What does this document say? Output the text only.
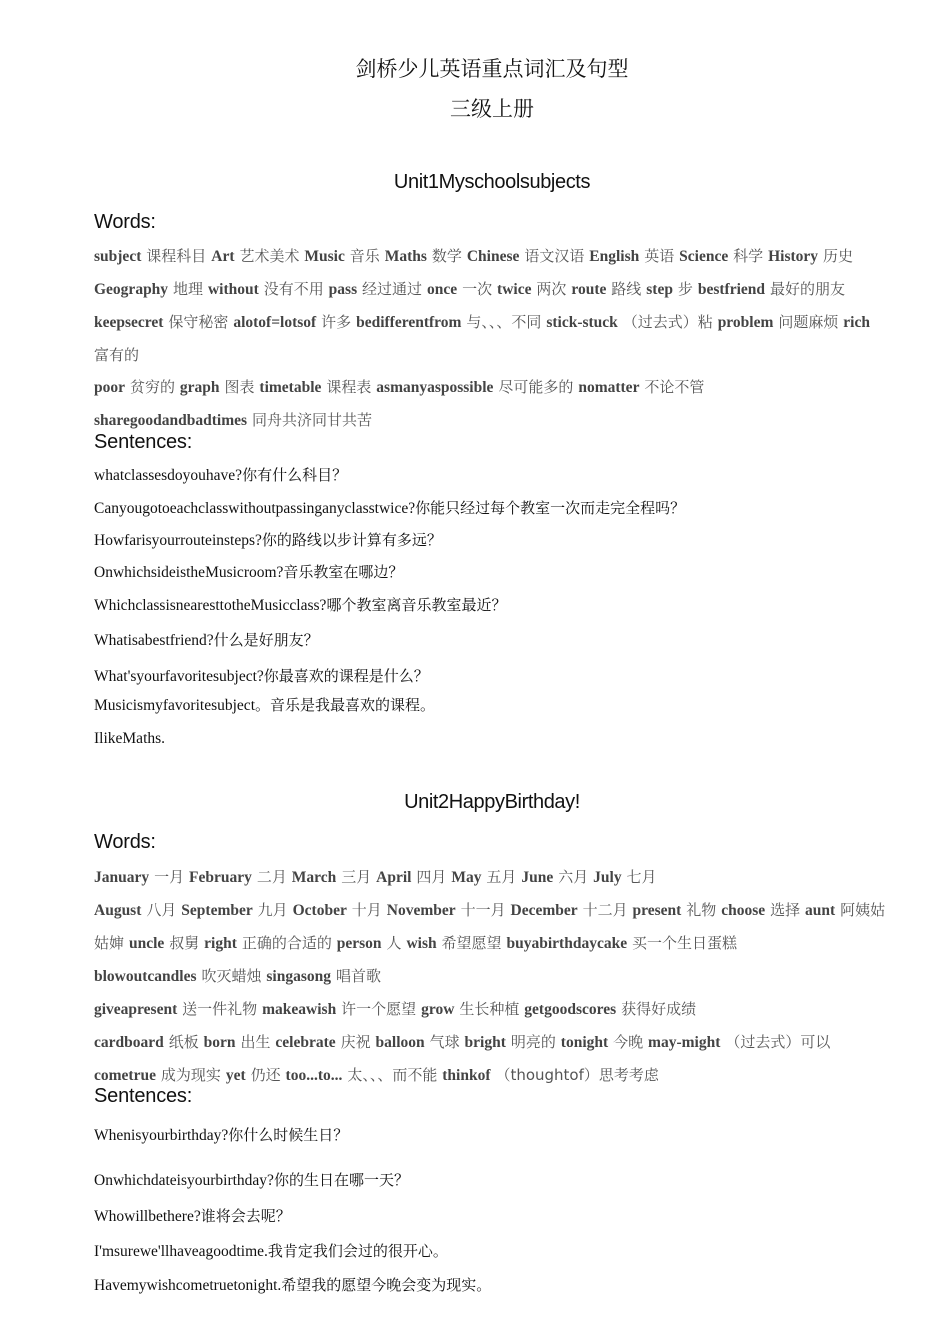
剑桥少儿英语重点词汇及句型
三级上册
Unit1Myschoolsubjects
Words:

subject 课程科目 Art 艺术美术 Music 音乐 Maths 数学 Chinese 语文汉语 English 英语 Science 科学 History 历史 Geography 地理 without 没有不用 pass 经过通过 once 一次 twice 两次 route 路线 step 步 bestfriend 最好的朋友 keepsecret 保守秘密 alotof=lotsof 许多 bedifferentfrom 与、、、不同 stick-stuck （过去式）粘 problem 问题麻烦 rich 富有的

poor 贫穷的 graph 图表 timetable 课程表 asmanyaspossible 尽可能多的 nomatter 不论不管

sharegoodandbadtimes 同舟共济同甘共苦

Sentences:
whatclassesdoyouhave?你有什么科目？
Canyougotoeachclasswithoutpassinganyclasstwice?你能只经过每个教室一次而走完全程吗？
Howfarisyourrouteinsteps?你的路线以步计算有多远？
OnwhichsideistheMusicroom?音乐教室在哪边？
WhichclassisnearesttotheMusicclass?哪个教室离音乐教室最近？
Whatisabestfriend?什么是好朋友？
What'syourfavoritesubject?你最喜欢的课程是什么？
Musicismyfavoritesubject。音乐是我最喜欢的课程。
IlikeMaths.
Unit2HappyBirthday!
Words:

January 一月 February 二月 March 三月 April 四月 May 五月 June 六月 July 七月

August 八月 September 九月 October 十月 November 十一月 December 十二月 present 礼物 choose 选择 aunt 阿姨姑姑婶 uncle 叔舅 right 正确的合适的 person 人 wish 希望愿望 buyabirthdaycake 买一个生日蛋糕

blowoutcandles 吹灭蜡烛 singasong 唱首歌

giveapresent 送一件礼物 makeawish 许一个愿望 grow 生长种植 getgoodscores 获得好成绩

cardboard 纸板 born 出生 celebrate 庆祝 balloon 气球 bright 明亮的 tonight 今晚 may-might （过去式）可以

cometrue 成为现实 yet 仍还 too...to... 太、、、而不能 thinkof （thoughtof）思考考虑

Sentences:
Whenisyourbirthday?你什么时候生日？
Onwhichdateisyourbirthday?你的生日在哪一天？
Whowillbethere?谁将会去呢？
I'msurewe'llhaveagoodtime.我肯定我们会过的很开心。
Havemywishcometruetonight.希望我的愿望今晚会变为现实。
